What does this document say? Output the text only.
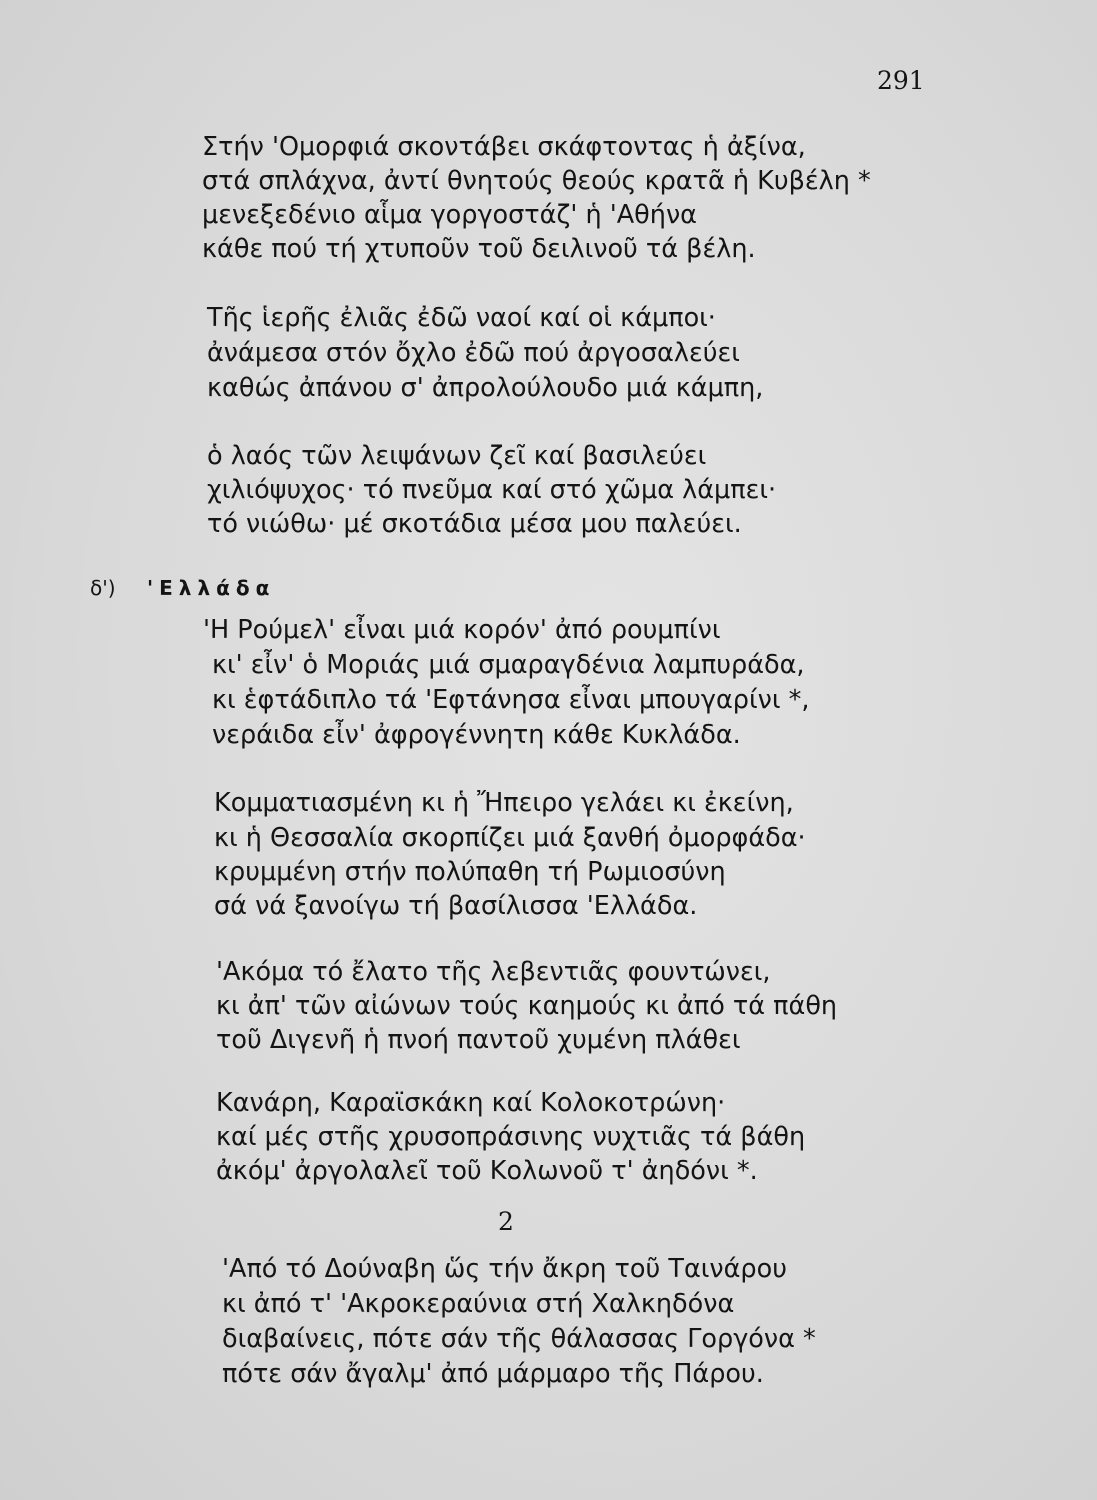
291
Στήν 'Ομορφιά σκοντάβει σκάφτοντας ἡ ἀξίνα,
στά σπλάχνα, ἀντί θνητούς θεούς κρατᾶ ἡ Κυβέλη *
μενεξεδένιο αἷμα γοργοστάζ' ἡ 'Αθήνα
κάθε πού τή χτυποῦν τοῦ δειλινοῦ τά βέλη.
Τῆς ἱερῆς ἐλιᾶς ἐδῶ ναοί καί οἱ κάμποι·
ἀνάμεσα στόν ὄχλο ἐδῶ πού ἀργοσαλεύει
καθώς ἀπάνου σ' ἀπρολούλουδο μιά κάμπη,
ὁ λαός τῶν λειψάνων ζεῖ καί βασιλεύει
χιλιόψυχος· τό πνεῦμα καί στό χῶμα λάμπει·
τό νιώθω· μέ σκοτάδια μέσα μου παλεύει.
δ') 'Ελλάδα
'Η Ρούμελ' εἶναι μιά κορόν' ἀπό ρουμπίνι
κι' εἶν' ὁ Μοριάς μιά σμαραγδένια λαμπυράδα,
κι ἑφτάδιπλο τά 'Εφτάνησα εἶναι μπουγαρίνι *,
νεράιδα εἶν' ἀφρογέννητη κάθε Κυκλάδα.
Κομματιασμένη κι ἡ Ἤπειρο γελάει κι ἐκείνη,
κι ἡ Θεσσαλία σκορπίζει μιά ξανθή ὀμορφάδα·
κρυμμένη στήν πολύπαθη τή Ρωμιοσύνη
σά νά ξανοίγω τή βασίλισσα 'Ελλάδα.
'Ακόμα τό ἔλατο τῆς λεβεντιᾶς φουντώνει,
κι ἀπ' τῶν αἰώνων τούς καημούς κι ἀπό τά πάθη
τοῦ Διγενῆ ἡ πνοή παντοῦ χυμένη πλάθει
Κανάρη, Καραϊσκάκη καί Κολοκοτρώνη·
καί μές στῆς χρυσοπράσινης νυχτιᾶς τά βάθη
ἀκόμ' ἀργολαλεῖ τοῦ Κολωνοῦ τ' ἀηδόνι *.
2
'Από τό Δούναβη ὥς τήν ἄκρη τοῦ Ταινάρου
κι ἀπό τ' 'Ακροκεραύνια στή Χαλκηδόνα
διαβαίνεις, πότε σάν τῆς θάλασσας Γοργόνα *
πότε σάν ἄγαλμ' ἀπό μάρμαρο τῆς Πάρου.
